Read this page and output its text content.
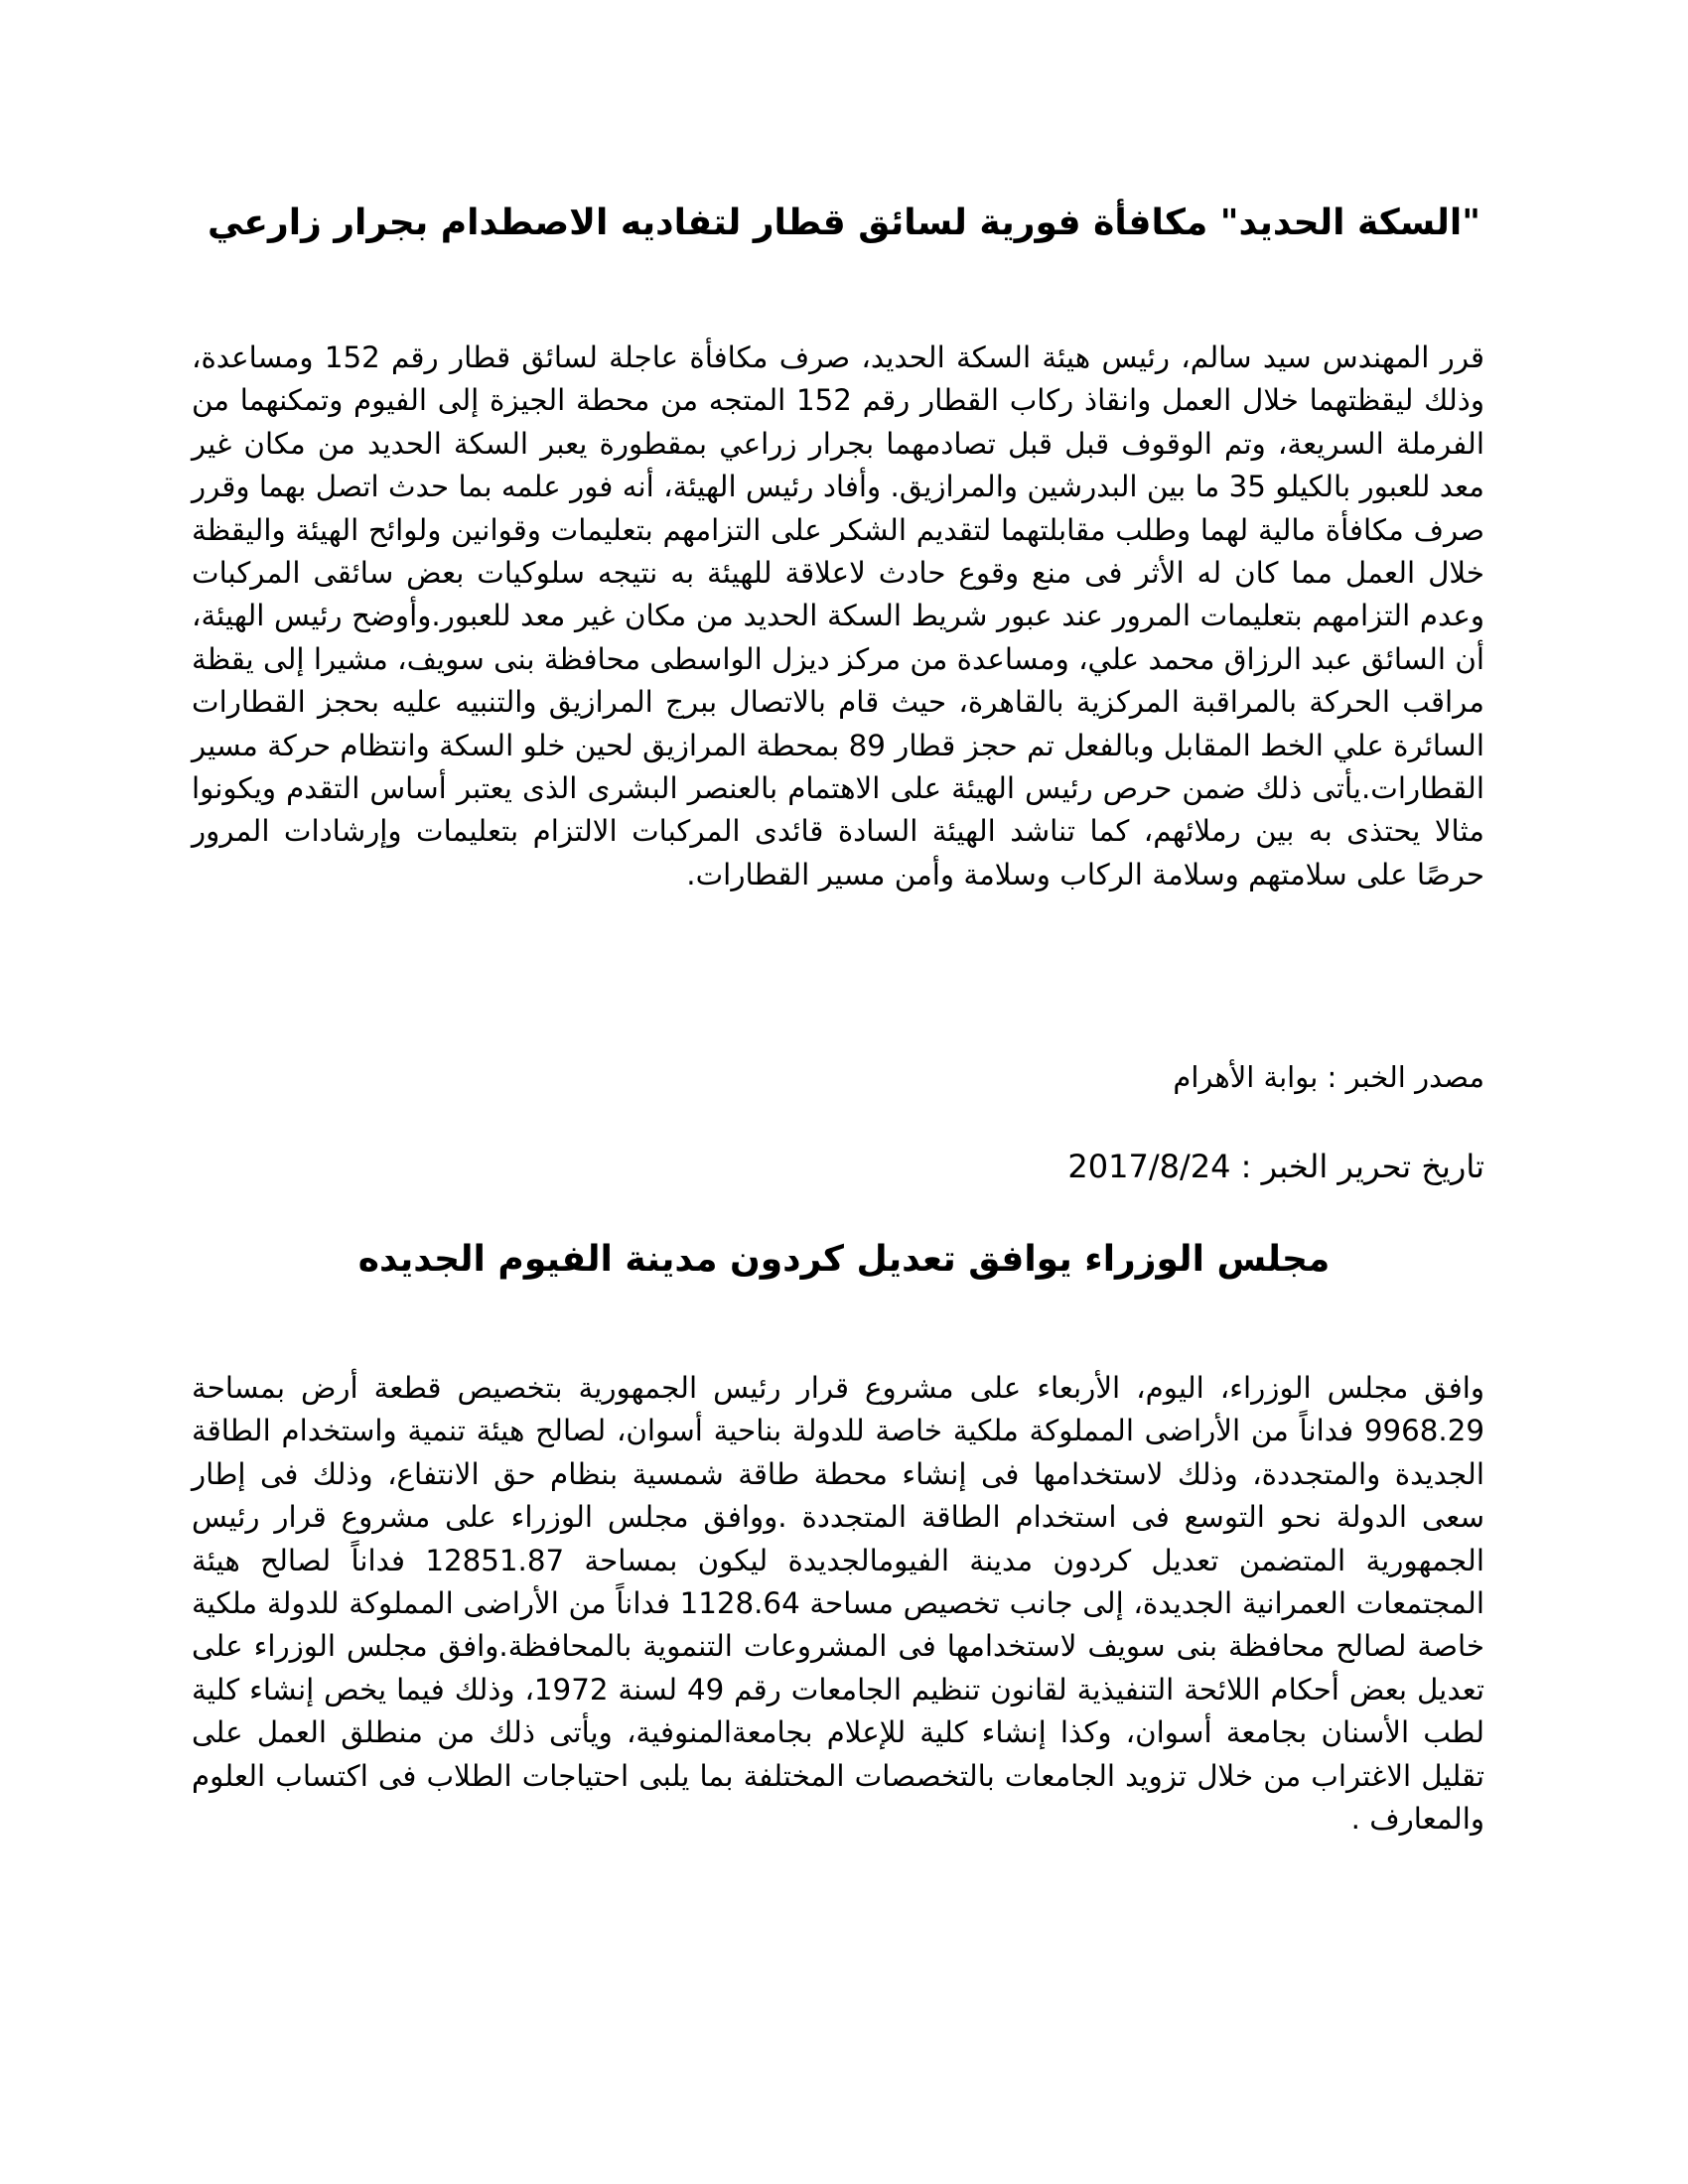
"السكة الحديد" مكافأة فورية لسائق قطار لتفاديه الاصطدام بجرار زارعي

قرر المهندس سيد سالم، رئيس هيئة السكة الحديد، صرف مكافأة عاجلة لسائق قطار رقم 152 ومساعدة، وذلك ليقظتهما خلال العمل وانقاذ ركاب القطار رقم 152 المتجه من محطة الجيزة إلى الفيوم وتمكنهما من الفرملة السريعة، وتم الوقوف قبل قبل تصادمهما بجرار زراعي بمقطورة يعبر السكة الحديد من مكان غير معد للعبور بالكيلو 35 ما بين البدرشين والمرازيق. وأفاد رئيس الهيئة، أنه فور علمه بما حدث اتصل بهما وقرر صرف مكافأة مالية لهما وطلب مقابلتهما لتقديم الشكر على التزامهم بتعليمات وقوانين ولوائح الهيئة واليقظة خلال العمل مما كان له الأثر فى منع وقوع حادث لاعلاقة للهيئة به نتيجه سلوكيات بعض سائقى المركبات وعدم التزامهم بتعليمات المرور عند عبور شريط السكة الحديد من مكان غير معد للعبور.وأوضح رئيس الهيئة، أن السائق عبد الرزاق محمد علي، ومساعدة من مركز ديزل الواسطى محافظة بنى سويف، مشيرا إلى يقظة مراقب الحركة بالمراقبة المركزية بالقاهرة، حيث قام بالاتصال ببرج المرازيق والتنبيه عليه بحجز القطارات السائرة علي الخط المقابل وبالفعل تم حجز قطار 89 بمحطة المرازيق لحين خلو السكة وانتظام حركة مسير القطارات.يأتى ذلك ضمن حرص رئيس الهيئة على الاهتمام بالعنصر البشرى الذى يعتبر أساس التقدم ويكونوا مثالا يحتذى به بين رملائهم، كما تناشد الهيئة السادة قائدى المركبات الالتزام بتعليمات وإرشادات المرور حرصًا على سلامتهم وسلامة الركاب وسلامة وأمن مسير القطارات.

مصدر الخبر : بوابة الأهرام

تاريخ تحرير الخبر : 2017/8/24

مجلس الوزراء يوافق تعديل كردون مدينة الفيوم الجديده

وافق مجلس الوزراء، اليوم، الأربعاء على مشروع قرار رئيس الجمهورية بتخصيص قطعة أرض بمساحة 9968.29 فداناً من الأراضى المملوكة ملكية خاصة للدولة بناحية أسوان، لصالح هيئة تنمية واستخدام الطاقة الجديدة والمتجددة، وذلك لاستخدامها فى إنشاء محطة طاقة شمسية بنظام حق الانتفاع، وذلك فى إطار سعى الدولة نحو التوسع فى استخدام الطاقة المتجددة .ووافق مجلس الوزراء على مشروع قرار رئيس الجمهورية المتضمن تعديل كردون مدينة الفيومالجديدة ليكون بمساحة 12851.87 فداناً لصالح هيئة المجتمعات العمرانية الجديدة، إلى جانب تخصيص مساحة 1128.64 فداناً من الأراضى المملوكة للدولة ملكية خاصة لصالح محافظة بنى سويف لاستخدامها فى المشروعات التنموية بالمحافظة.وافق مجلس الوزراء على تعديل بعض أحكام اللائحة التنفيذية لقانون تنظيم الجامعات رقم 49 لسنة 1972، وذلك فيما يخص إنشاء كلية لطب الأسنان بجامعة أسوان، وكذا إنشاء كلية للإعلام بجامعةالمنوفية، ويأتى ذلك من منطلق العمل على تقليل الاغتراب من خلال تزويد الجامعات بالتخصصات المختلفة بما يلبى احتياجات الطلاب فى اكتساب العلوم والمعارف .
